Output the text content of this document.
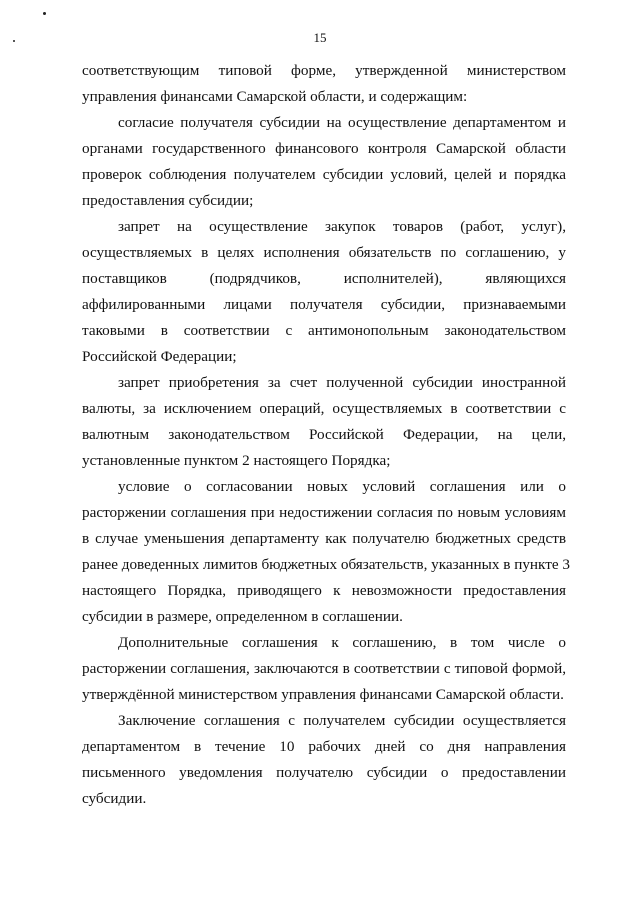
15
соответствующим типовой форме, утвержденной министерством
управления финансами Самарской области, и содержащим:
согласие получателя субсидии на осуществление департаментом и
органами государственного финансового контроля Самарской области
проверок соблюдения получателем субсидии условий, целей и порядка
предоставления субсидии;
запрет на осуществление закупок товаров (работ, услуг),
осуществляемых в целях исполнения обязательств по соглашению, у
поставщиков (подрядчиков, исполнителей), являющихся
аффилированными лицами получателя субсидии, признаваемыми
таковыми в соответствии с антимонопольным законодательством
Российской Федерации;
запрет приобретения за счет полученной субсидии иностранной
валюты, за исключением операций, осуществляемых в соответствии с
валютным законодательством Российской Федерации, на цели,
установленные пунктом 2 настоящего Порядка;
условие о согласовании новых условий соглашения или о
расторжении соглашения при недостижении согласия по новым условиям
в случае уменьшения департаменту как получателю бюджетных средств
ранее доведенных лимитов бюджетных обязательств, указанных в пункте 3
настоящего Порядка, приводящего к невозможности предоставления
субсидии в размере, определенном в соглашении.
Дополнительные соглашения к соглашению, в том числе о
расторжении соглашения, заключаются в соответствии с типовой формой,
утверждённой министерством управления финансами Самарской области.
Заключение соглашения с получателем субсидии осуществляется
департаментом в течение 10 рабочих дней со дня направления
письменного уведомления получателю субсидии о предоставлении
субсидии.
